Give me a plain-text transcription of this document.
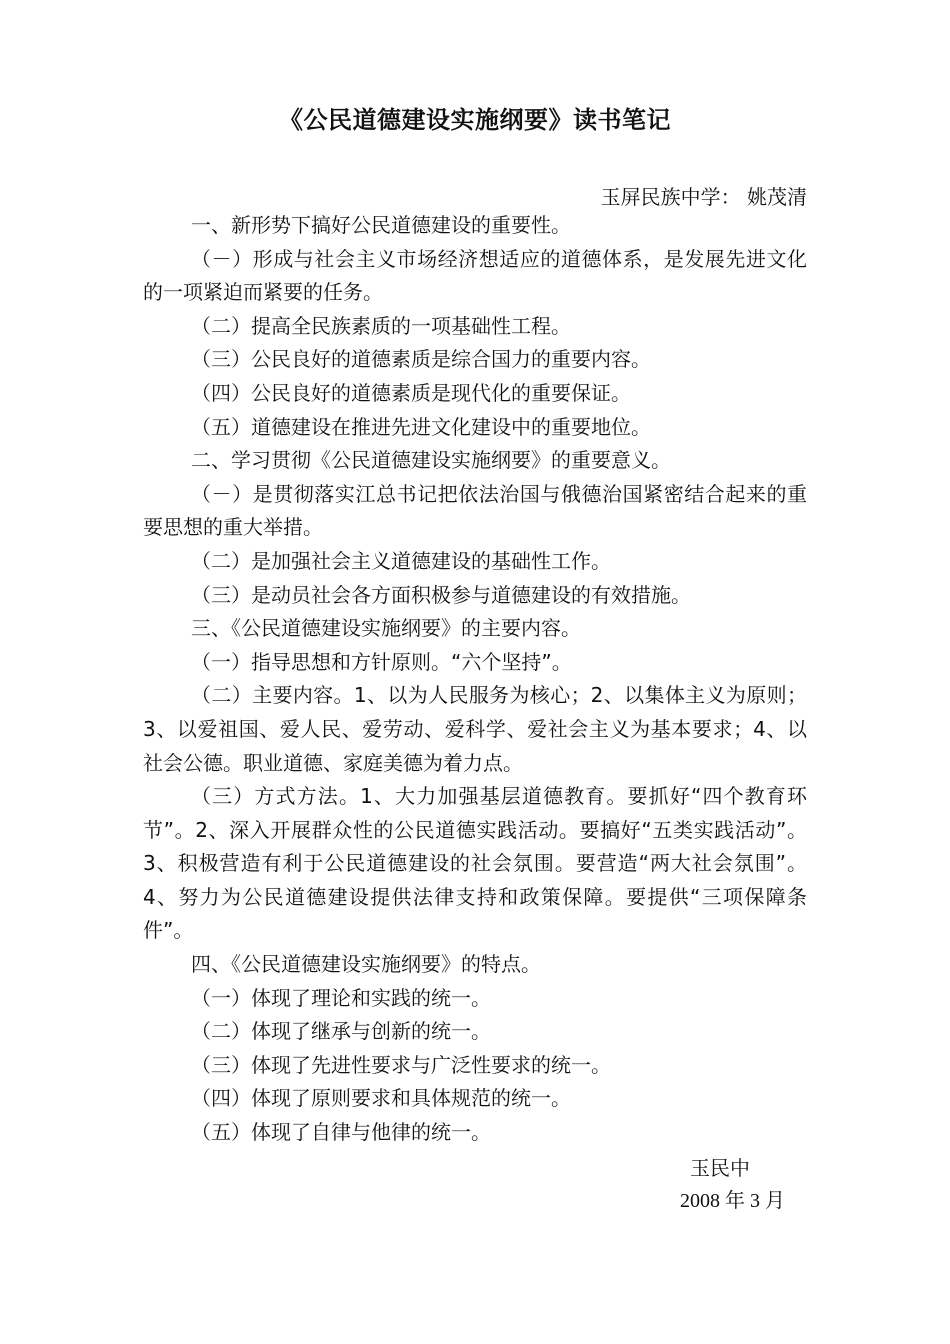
《公民道德建设实施纲要》读书笔记
玉屏民族中学： 姚茂清

一、新形势下搞好公民道德建设的重要性。

（－）形成与社会主义市场经济想适应的道德体系，是发展先进文化的一项紧迫而紧要的任务。

（二）提高全民族素质的一项基础性工程。

（三）公民良好的道德素质是综合国力的重要内容。

（四）公民良好的道德素质是现代化的重要保证。

（五）道德建设在推进先进文化建设中的重要地位。

二、学习贯彻《公民道德建设实施纲要》的重要意义。

（－）是贯彻落实江总书记把依法治国与俄德治国紧密结合起来的重要思想的重大举措。

（二）是加强社会主义道德建设的基础性工作。

（三）是动员社会各方面积极参与道德建设的有效措施。

三、《公民道德建设实施纲要》的主要内容。

（一）指导思想和方针原则。“六个坚持”。

（二）主要内容。1、以为人民服务为核心；2、以集体主义为原则；3、以爱祖国、爱人民、爱劳动、爱科学、爱社会主义为基本要求；4、以社会公德。职业道德、家庭美德为着力点。

（三）方式方法。1、大力加强基层道德教育。要抓好“四个教育环节”。2、深入开展群众性的公民道德实践活动。要搞好“五类实践活动”。3、积极营造有利于公民道德建设的社会氛围。要营造“两大社会氛围”。4、努力为公民道德建设提供法律支持和政策保障。要提供“三项保障条件”。

四、《公民道德建设实施纲要》的特点。

（一）体现了理论和实践的统一。

（二）体现了继承与创新的统一。

（三）体现了先进性要求与广泛性要求的统一。

（四）体现了原则要求和具体规范的统一。

（五）体现了自律与他律的统一。

玉民中
2008 年 3 月
